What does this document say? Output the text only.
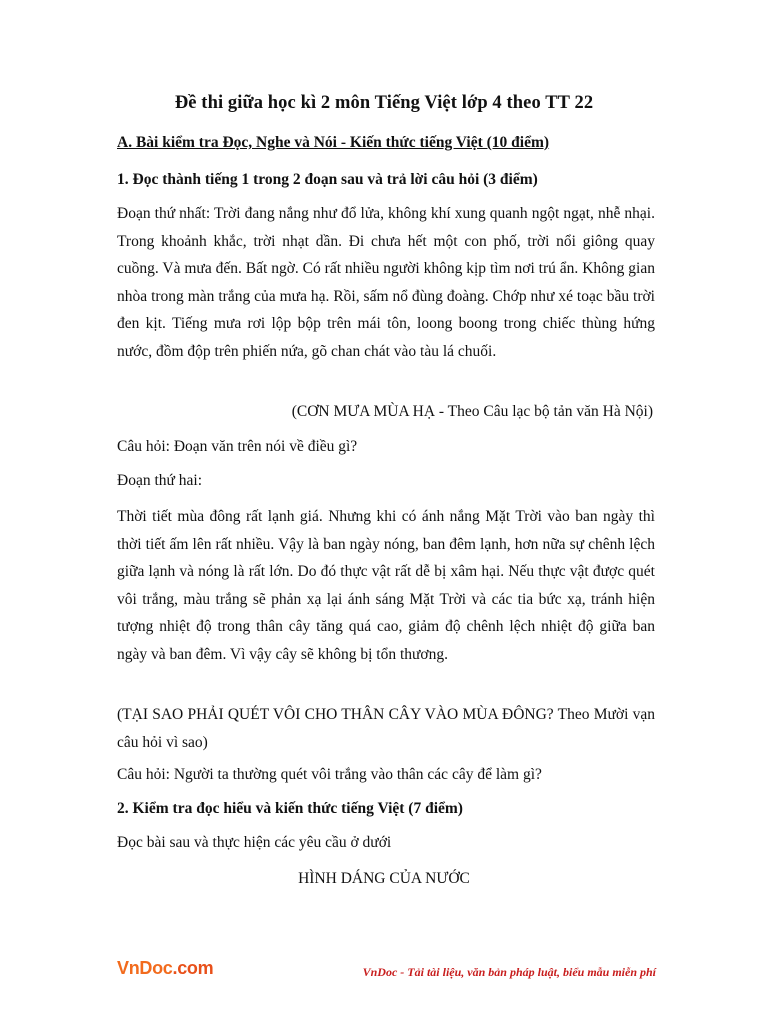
Đề thi giữa học kì 2 môn Tiếng Việt lớp 4 theo TT 22
A. Bài kiểm tra Đọc, Nghe và Nói - Kiến thức tiếng Việt (10 điểm)
1. Đọc thành tiếng 1 trong 2 đoạn sau và trả lời câu hỏi (3 điểm)
Đoạn thứ nhất: Trời đang nắng như đổ lửa, không khí xung quanh ngột ngạt, nhễ nhại. Trong khoảnh khắc, trời nhạt dần. Đi chưa hết một con phố, trời nổi giông quay cuồng. Và mưa đến. Bất ngờ. Có rất nhiều người không kịp tìm nơi trú ẩn. Không gian nhòa trong màn trắng của mưa hạ. Rồi, sấm nổ đùng đoàng. Chớp như xé toạc bầu trời đen kịt. Tiếng mưa rơi lộp bộp trên mái tôn, loong boong trong chiếc thùng hứng nước, đồm độp trên phiến nứa, gõ chan chát vào tàu lá chuối.
(CƠN MƯA MÙA HẠ - Theo Câu lạc bộ tản văn Hà Nội)
Câu hỏi: Đoạn văn trên nói về điều gì?
Đoạn thứ hai:
Thời tiết mùa đông rất lạnh giá. Nhưng khi có ánh nắng Mặt Trời vào ban ngày thì thời tiết ấm lên rất nhiều. Vậy là ban ngày nóng, ban đêm lạnh, hơn nữa sự chênh lệch giữa lạnh và nóng là rất lớn. Do đó thực vật rất dễ bị xâm hại. Nếu thực vật được quét vôi trắng, màu trắng sẽ phản xạ lại ánh sáng Mặt Trời và các tia bức xạ, tránh hiện tượng nhiệt độ trong thân cây tăng quá cao, giảm độ chênh lệch nhiệt độ giữa ban ngày và ban đêm. Vì vậy cây sẽ không bị tổn thương.
(TẠI SAO PHẢI QUÉT VÔI CHO THÂN CÂY VÀO MÙA ĐÔNG? Theo Mười vạn câu hỏi vì sao)
Câu hỏi: Người ta thường quét vôi trắng vào thân các cây để làm gì?
2. Kiểm tra đọc hiểu và kiến thức tiếng Việt (7 điểm)
Đọc bài sau và thực hiện các yêu cầu ở dưới
HÌNH DÁNG CỦA NƯỚC
VnDoc.com	VnDoc - Tải tài liệu, văn bản pháp luật, biểu mẫu miễn phí
